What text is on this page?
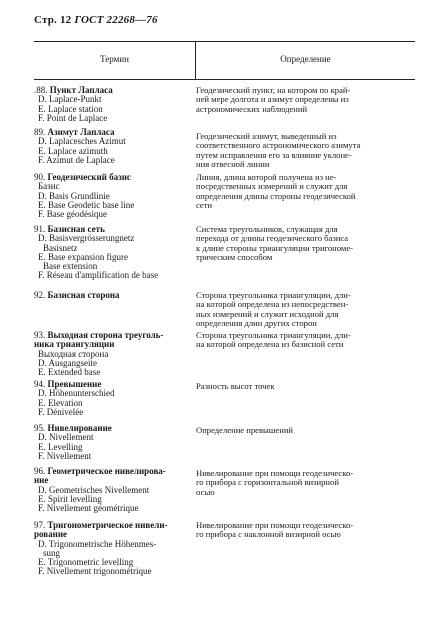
Стр. 12 ГОСТ 22268—76
Термин	Определение
.88. Пункт Лапласа
D. Laplace-Punkt
E. Laplace station
F. Point de Laplace
Геодезический пункт, на котором по край-
ней мере долгота и азимут определены из
астрономических наблюдений
89. Азимут Лапласа
D. Laplacesches Azimut
E. Laplace azimuth
F. Azimut de Laplace
Геодезический азимут, выведенный из
соответственного астрономического азимута
путем исправления его за влияние уклоне-
ния отвесной линии
90. Геодезический базис
Базис
D. Basis Grundlinie
E. Base Geodetic base line
F. Base géodésique
Линия, длина которой получена из не-
посредственных измерений и служит для
определения длины стороны геодезической
сети
91. Базисная сеть
D. Basisvergrösserungnetz
Basisnetz
E. Base expansion figure
Base extension
F. Réseau d'amplification de base
Система треугольников, служащая для
перехода от длины геодезического базиса
к длине стороны триангуляции тригономе-
трическим способом
92. Базисная сторона	Сторона треугольника триангуляции, дли-
на которой определена из непосредствен-
ных измерений и служит исходной для
определения длин других сторон
93. Выходная сторона треуголь-
ника триангуляции
Выходная сторона
D. Ausgangseite
E. Extended base
Сторона треугольника триангуляции, дли-
на которой определена из базисной сети
94. Превышение
D. Höhenunterschied
E. Elevation
F. Dénivelée
Разность высот точек
95. Нивелирование
D. Nivellement
E. Levelling
F. Nivellement
Определение превышений
96. Геометрическое нивелирова-
ние
D. Geometrisches Nivellement
E. Spirit levelling
F. Nivellement géométrique
Нивелирование при помощи геодезическо-
го прибора с горизонтальной визирной
осью
97. Тригонометрическое нивели-
рование
D. Trigonometrische Höhenmes-
sung
E. Trigonometric levelling
F. Nivellement trigonométrique
Нивелирование при помощи геодезическо-
го прибора с наклонной визирной осью
